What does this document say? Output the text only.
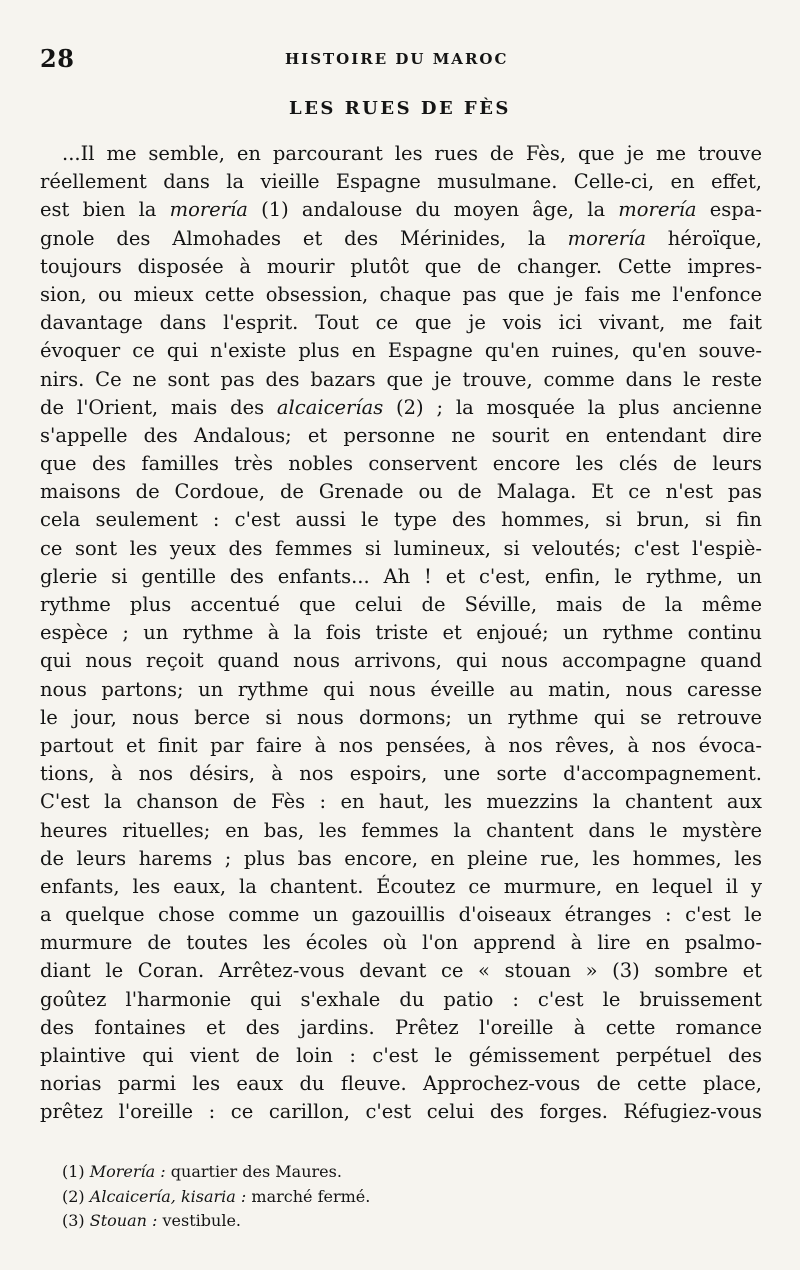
28	HISTOIRE DU MAROC
LES RUES DE FÈS
...Il me semble, en parcourant les rues de Fès, que je me trouve
réellement dans la vieille Espagne musulmane. Celle-ci, en effet,
est bien la morería (1) andalouse du moyen âge, la morería espa-
gnole des Almohades et des Mérinides, la morería héroïque,
toujours disposée à mourir plutôt que de changer. Cette impres-
sion, ou mieux cette obsession, chaque pas que je fais me l'enfonce
davantage dans l'esprit. Tout ce que je vois ici vivant, me fait
évoquer ce qui n'existe plus en Espagne qu'en ruines, qu'en souve-
nirs. Ce ne sont pas des bazars que je trouve, comme dans le reste
de l'Orient, mais des alcaicerías (2) ; la mosquée la plus ancienne
s'appelle des Andalous; et personne ne sourit en entendant dire
que des familles très nobles conservent encore les clés de leurs
maisons de Cordoue, de Grenade ou de Malaga. Et ce n'est pas
cela seulement : c'est aussi le type des hommes, si brun, si fin
ce sont les yeux des femmes si lumineux, si veloutés; c'est l'espiè-
glerie si gentille des enfants... Ah ! et c'est, enfin, le rythme, un
rythme plus accentué que celui de Séville, mais de la même
espèce ; un rythme à la fois triste et enjoué; un rythme continu
qui nous reçoit quand nous arrivons, qui nous accompagne quand
nous partons; un rythme qui nous éveille au matin, nous caresse
le jour, nous berce si nous dormons; un rythme qui se retrouve
partout et finit par faire à nos pensées, à nos rêves, à nos évoca-
tions, à nos désirs, à nos espoirs, une sorte d'accompagnement.
C'est la chanson de Fès : en haut, les muezzins la chantent aux
heures rituelles; en bas, les femmes la chantent dans le mystère
de leurs harems ; plus bas encore, en pleine rue, les hommes, les
enfants, les eaux, la chantent. Écoutez ce murmure, en lequel il y
a quelque chose comme un gazouillis d'oiseaux étranges : c'est le
murmure de toutes les écoles où l'on apprend à lire en psalmo-
diant le Coran. Arrêtez-vous devant ce « stouan » (3) sombre et
goûtez l'harmonie qui s'exhale du patio : c'est le bruissement
des fontaines et des jardins. Prêtez l'oreille à cette romance
plaintive qui vient de loin : c'est le gémissement perpétuel des
norias parmi les eaux du fleuve. Approchez-vous de cette place,
prêtez l'oreille : ce carillon, c'est celui des forges. Réfugiez-vous
(1) Morería : quartier des Maures.
(2) Alcaicería, kisaria : marché fermé.
(3) Stouan : vestibule.
